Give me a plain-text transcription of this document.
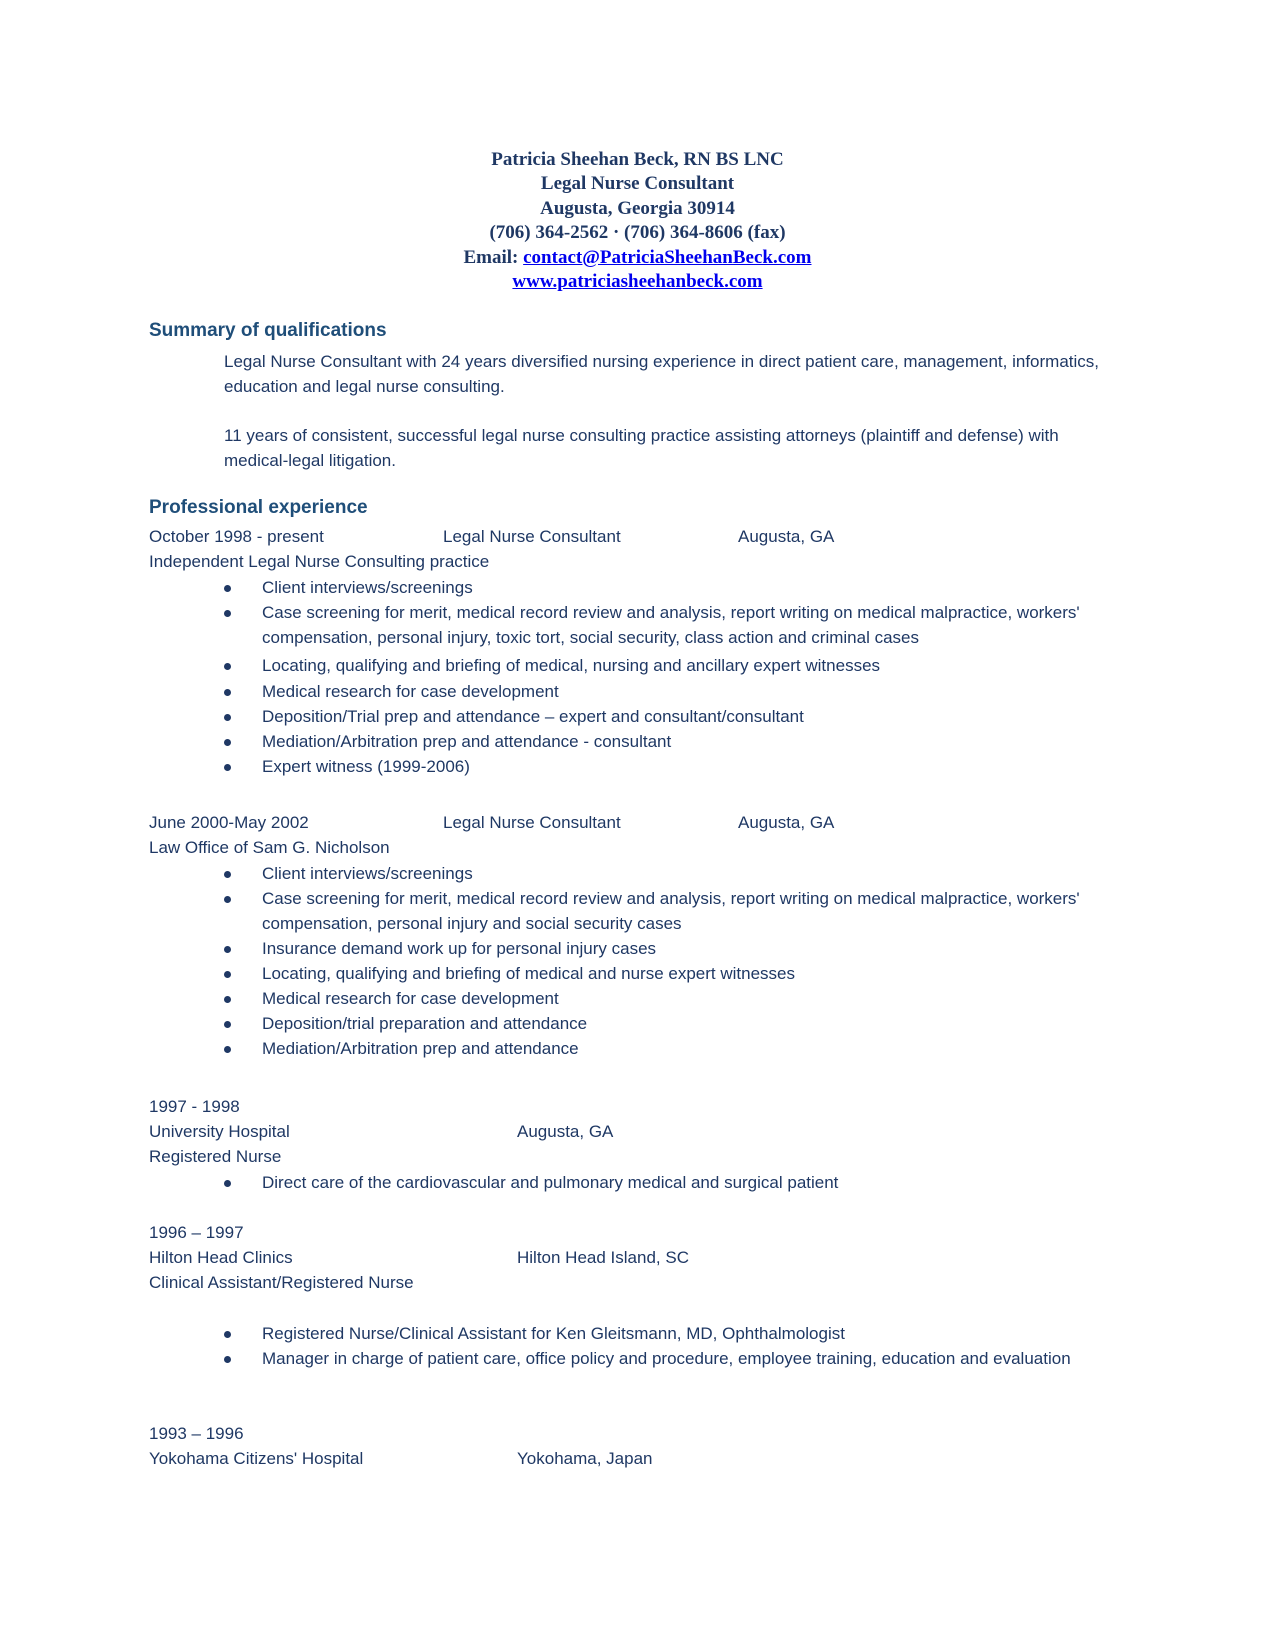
Patricia Sheehan Beck, RN BS LNC
Legal Nurse Consultant
Augusta, Georgia 30914
(706) 364-2562 · (706) 364-8606 (fax)
Email: contact@PatriciaSheehanBeck.com
www.patriciasheehanbeck.com
Summary of qualifications
Legal Nurse Consultant with 24 years diversified nursing experience in direct patient care, management, informatics, education and legal nurse consulting.
11 years of consistent, successful legal nurse consulting practice assisting attorneys (plaintiff and defense) with medical-legal litigation.
Professional experience
October 1998 - present	Legal Nurse Consultant	Augusta, GA
Independent Legal Nurse Consulting practice
Client interviews/screenings
Case screening for merit, medical record review and analysis, report writing on medical malpractice, workers' compensation, personal injury, toxic tort, social security, class action and criminal cases
Locating, qualifying and briefing of medical, nursing and ancillary expert witnesses
Medical research for case development
Deposition/Trial prep and attendance – expert and consultant/consultant
Mediation/Arbitration prep and attendance - consultant
Expert witness (1999-2006)
June 2000-May 2002	Legal Nurse Consultant	Augusta, GA
Law Office of Sam G. Nicholson
Client interviews/screenings
Case screening for merit, medical record review and analysis, report writing on medical malpractice, workers' compensation, personal injury and social security cases
Insurance demand work up for personal injury cases
Locating, qualifying and briefing of medical and nurse expert witnesses
Medical research for case development
Deposition/trial preparation and attendance
Mediation/Arbitration prep and attendance
1997 - 1998
University Hospital	Augusta, GA
Registered Nurse
Direct care of the cardiovascular and pulmonary medical and surgical patient
1996 – 1997
Hilton Head Clinics	Hilton Head Island, SC
Clinical Assistant/Registered Nurse
Registered Nurse/Clinical Assistant for Ken Gleitsmann, MD, Ophthalmologist
Manager in charge of patient care, office policy and procedure, employee training, education and evaluation
1993 – 1996
Yokohama Citizens' Hospital	Yokohama, Japan
